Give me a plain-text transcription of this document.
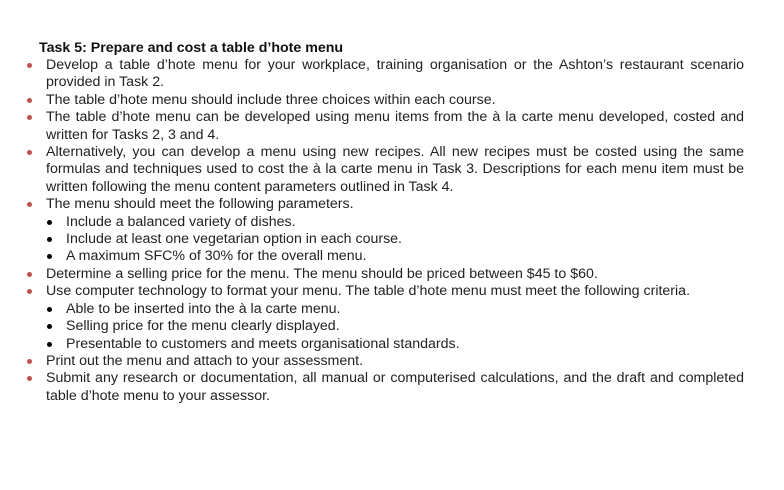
Task 5: Prepare and cost a table d’hote menu
Develop a table d’hote menu for your workplace, training organisation or the Ashton’s restaurant scenario provided in Task 2.
The table d’hote menu should include three choices within each course.
The table d’hote menu can be developed using menu items from the à la carte menu developed, costed and written for Tasks 2, 3 and 4.
Alternatively, you can develop a menu using new recipes. All new recipes must be costed using the same formulas and techniques used to cost the à la carte menu in Task 3. Descriptions for each menu item must be written following the menu content parameters outlined in Task 4.
The menu should meet the following parameters.
Include a balanced variety of dishes.
Include at least one vegetarian option in each course.
A maximum SFC% of 30% for the overall menu.
Determine a selling price for the menu. The menu should be priced between $45 to $60.
Use computer technology to format your menu. The table d’hote menu must meet the following criteria.
Able to be inserted into the à la carte menu.
Selling price for the menu clearly displayed.
Presentable to customers and meets organisational standards.
Print out the menu and attach to your assessment.
Submit any research or documentation, all manual or computerised calculations, and the draft and completed table d’hote menu to your assessor.
